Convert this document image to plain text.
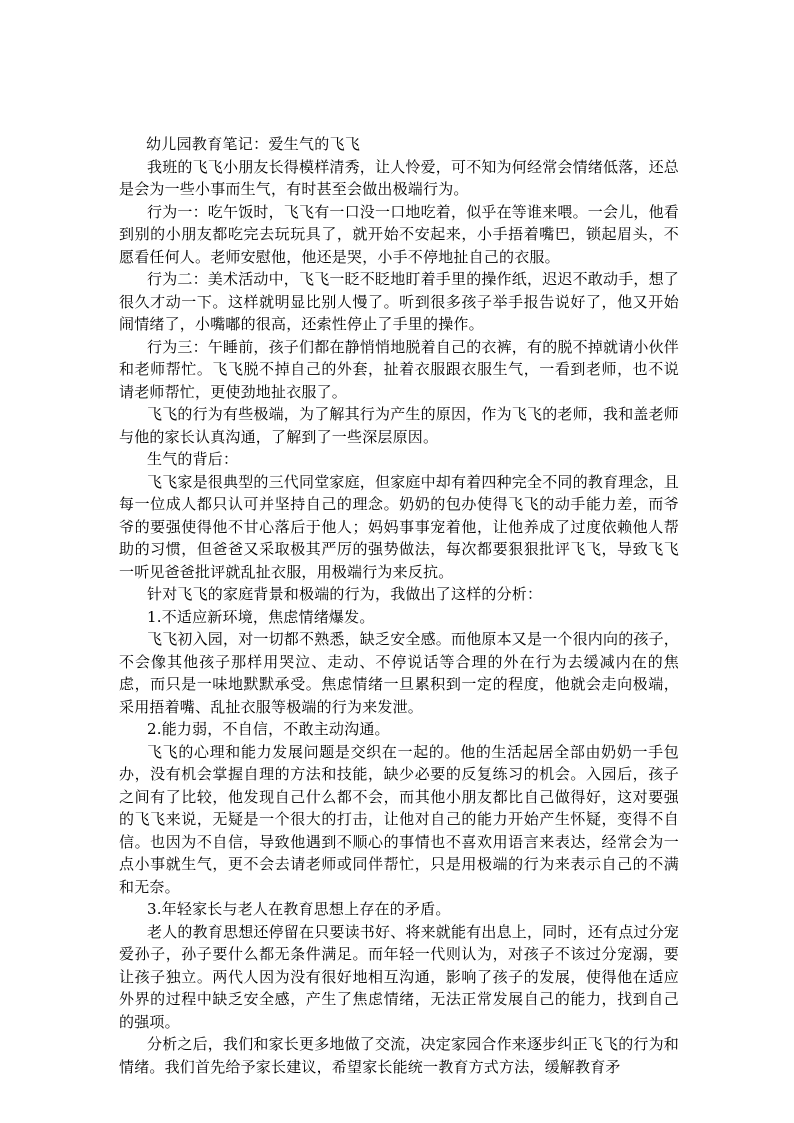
幼儿园教育笔记：爱生气的飞飞

我班的飞飞小朋友长得模样清秀，让人怜爱，可不知为何经常会情绪低落，还总是会为一些小事而生气，有时甚至会做出极端行为。

行为一：吃午饭时，飞飞有一口没一口地吃着，似乎在等谁来喂。一会儿，他看到别的小朋友都吃完去玩玩具了，就开始不安起来，小手捂着嘴巴，锁起眉头，不愿看任何人。老师安慰他，他还是哭，小手不停地扯自己的衣服。

行为二：美术活动中，飞飞一眨不眨地盯着手里的操作纸，迟迟不敢动手，想了很久才动一下。这样就明显比别人慢了。听到很多孩子举手报告说好了，他又开始闹情绪了，小嘴嘟的很高，还索性停止了手里的操作。

行为三：午睡前，孩子们都在静悄悄地脱着自己的衣裤，有的脱不掉就请小伙伴和老师帮忙。飞飞脱不掉自己的外套，扯着衣服跟衣服生气，一看到老师，也不说请老师帮忙，更使劲地扯衣服了。

飞飞的行为有些极端，为了解其行为产生的原因，作为飞飞的老师，我和盖老师与他的家长认真沟通，了解到了一些深层原因。

生气的背后：

飞飞家是很典型的三代同堂家庭，但家庭中却有着四种完全不同的教育理念，且每一位成人都只认可并坚持自己的理念。奶奶的包办使得飞飞的动手能力差，而爷爷的要强使得他不甘心落后于他人；妈妈事事宠着他，让他养成了过度依赖他人帮助的习惯，但爸爸又采取极其严厉的强势做法，每次都要狠狠批评飞飞，导致飞飞一听见爸爸批评就乱扯衣服，用极端行为来反抗。

针对飞飞的家庭背景和极端的行为，我做出了这样的分析：

1.不适应新环境，焦虑情绪爆发。

飞飞初入园，对一切都不熟悉，缺乏安全感。而他原本又是一个很内向的孩子，不会像其他孩子那样用哭泣、走动、不停说话等合理的外在行为去缓减内在的焦虑，而只是一味地默默承受。焦虑情绪一旦累积到一定的程度，他就会走向极端，采用捂着嘴、乱扯衣服等极端的行为来发泄。

2.能力弱，不自信，不敢主动沟通。

飞飞的心理和能力发展问题是交织在一起的。他的生活起居全部由奶奶一手包办，没有机会掌握自理的方法和技能，缺少必要的反复练习的机会。入园后，孩子之间有了比较，他发现自己什么都不会，而其他小朋友都比自己做得好，这对要强的飞飞来说，无疑是一个很大的打击，让他对自己的能力开始产生怀疑，变得不自信。也因为不自信，导致他遇到不顺心的事情也不喜欢用语言来表达，经常会为一点小事就生气，更不会去请老师或同伴帮忙，只是用极端的行为来表示自己的不满和无奈。

3.年轻家长与老人在教育思想上存在的矛盾。

老人的教育思想还停留在只要读书好、将来就能有出息上，同时，还有点过分宠爱孙子，孙子要什么都无条件满足。而年轻一代则认为，对孩子不该过分宠溺，要让孩子独立。两代人因为没有很好地相互沟通，影响了孩子的发展，使得他在适应外界的过程中缺乏安全感，产生了焦虑情绪，无法正常发展自己的能力，找到自己的强项。

分析之后，我们和家长更多地做了交流，决定家园合作来逐步纠正飞飞的行为和情绪。我们首先给予家长建议，希望家长能统一教育方式方法，缓解教育矛
